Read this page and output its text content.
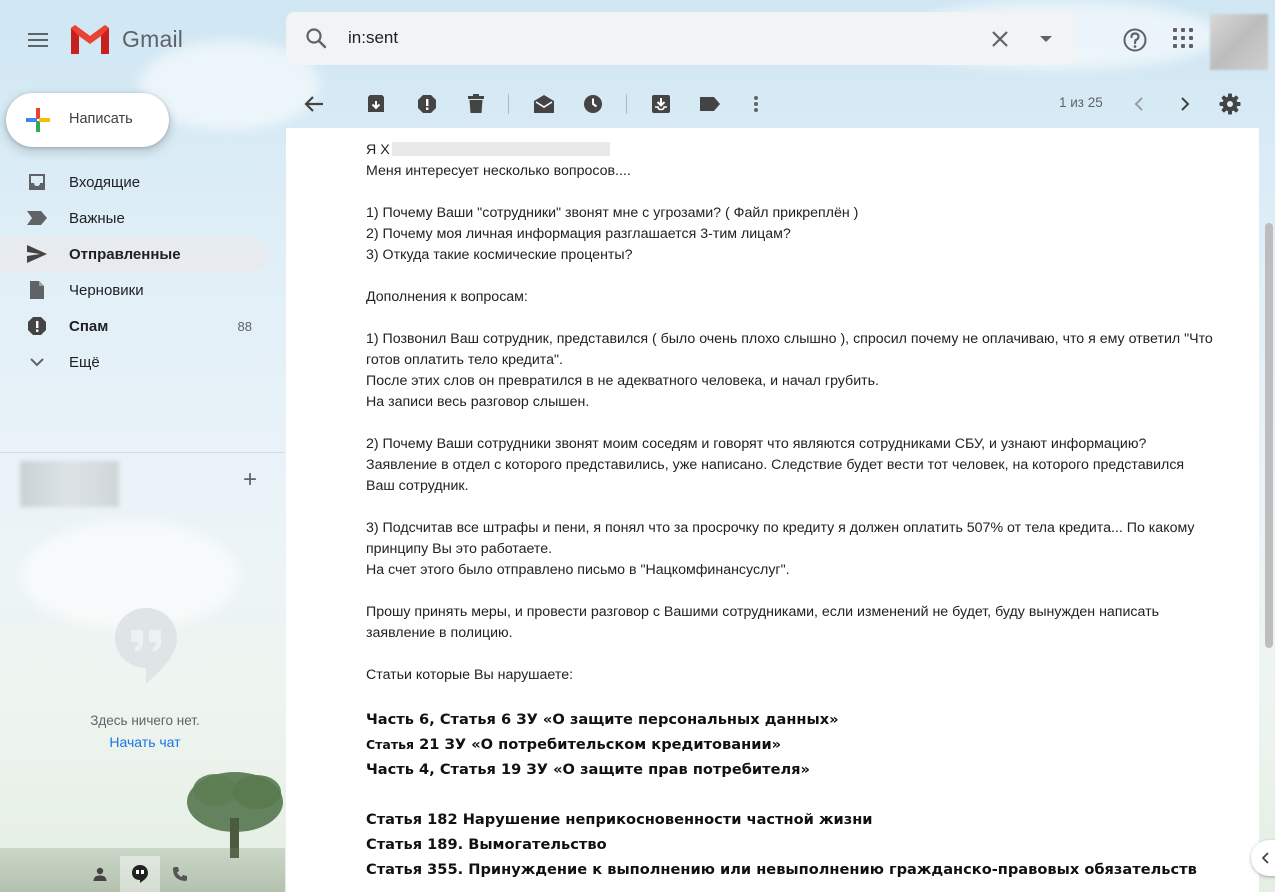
Gmail
in:sent
Написать
Входящие
Важные
Отправленные
Черновики
Спам	88
Ещё
+
Здесь ничего нет.
Начать чат
1 из 25

Я Х

Меня интересует несколько вопросов....

1) Почему Ваши "сотрудники" звонят мне с угрозами? ( Файл прикреплён )

2) Почему моя личная информация разглашается 3-тим лицам?

3) Откуда такие космические проценты?

Дополнения к вопросам:

1) Позвонил Ваш сотрудник, представился ( было очень плохо слышно ), спросил почему не оплачиваю, что я ему ответил "Что

готов оплатить тело кредита".

После этих слов он превратился в не адекватного человека, и начал грубить.

На записи весь разговор слышен.

2) Почему Ваши сотрудники звонят моим соседям и говорят что являются сотрудниками СБУ, и узнают информацию?

Заявление в отдел с которого представились, уже написано. Следствие будет вести тот человек, на которого представился

Ваш сотрудник.

3) Подсчитав все штрафы и пени, я понял что за просрочку по кредиту я должен оплатить 507% от тела кредита... По какому

принципу Вы это работаете.

На счет этого было отправлено письмо в "Нацкомфинансуслуг".

Прошу принять меры, и провести разговор с Вашими сотрудниками, если изменений не будет, буду вынужден написать

заявление в полицию.

Статьи которые Вы нарушаете:

Часть 6, Статья 6 ЗУ «О защите персональных данных»
Статья 21 ЗУ «О потребительском кредитовании»
Часть 4, Статья 19 ЗУ «О защите прав потребителя»

Статья 182 Нарушение неприкосновенности частной жизни
Статья 189. Вымогательство
Статья 355. Принуждение к выполнению или невыполнению гражданско-правовых обязательств
